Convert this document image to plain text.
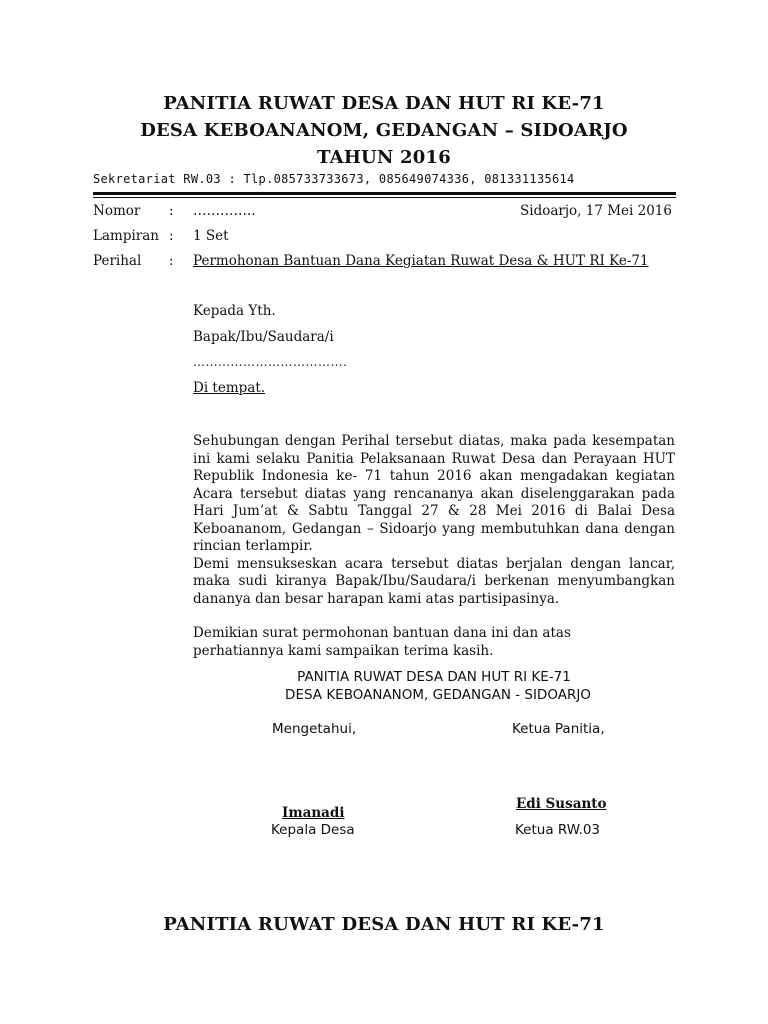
PANITIA RUWAT DESA DAN HUT RI KE-71
DESA KEBOANANOM, GEDANGAN – SIDOARJO
TAHUN 2016
Sekretariat RW.03 : Tlp.085733733673, 085649074336, 081331135614
Nomor : …………..	Sidoarjo, 17 Mei 2016
Lampiran : 1 Set
Perihal : Permohonan Bantuan Dana Kegiatan Ruwat Desa & HUT RI Ke-71
Kepada Yth.
Bapak/Ibu/Saudara/i
……………………………….
Di tempat.

Sehubungan dengan Perihal tersebut diatas, maka pada kesempatan ini kami selaku Panitia Pelaksanaan Ruwat Desa dan Perayaan HUT Republik Indonesia ke- 71 tahun 2016 akan mengadakan kegiatan Acara tersebut diatas yang rencananya akan diselenggarakan pada Hari Jum’at & Sabtu Tanggal 27 & 28 Mei 2016 di Balai Desa Keboananom, Gedangan – Sidoarjo yang membutuhkan dana dengan rincian terlampir.

Demi mensukseskan acara tersebut diatas berjalan dengan lancar, maka sudi kiranya Bapak/Ibu/Saudara/i berkenan menyumbangkan dananya dan besar harapan kami atas partisipasinya.

Demikian surat permohonan bantuan dana ini dan atas perhatiannya kami sampaikan terima kasih.

PANITIA RUWAT DESA DAN HUT RI KE-71
DESA KEBOANANOM, GEDANGAN - SIDOARJO
Mengetahui,	Ketua Panitia,
Imanadi
Kepala Desa
Edi Susanto
Ketua RW.03
PANITIA RUWAT DESA DAN HUT RI KE-71
